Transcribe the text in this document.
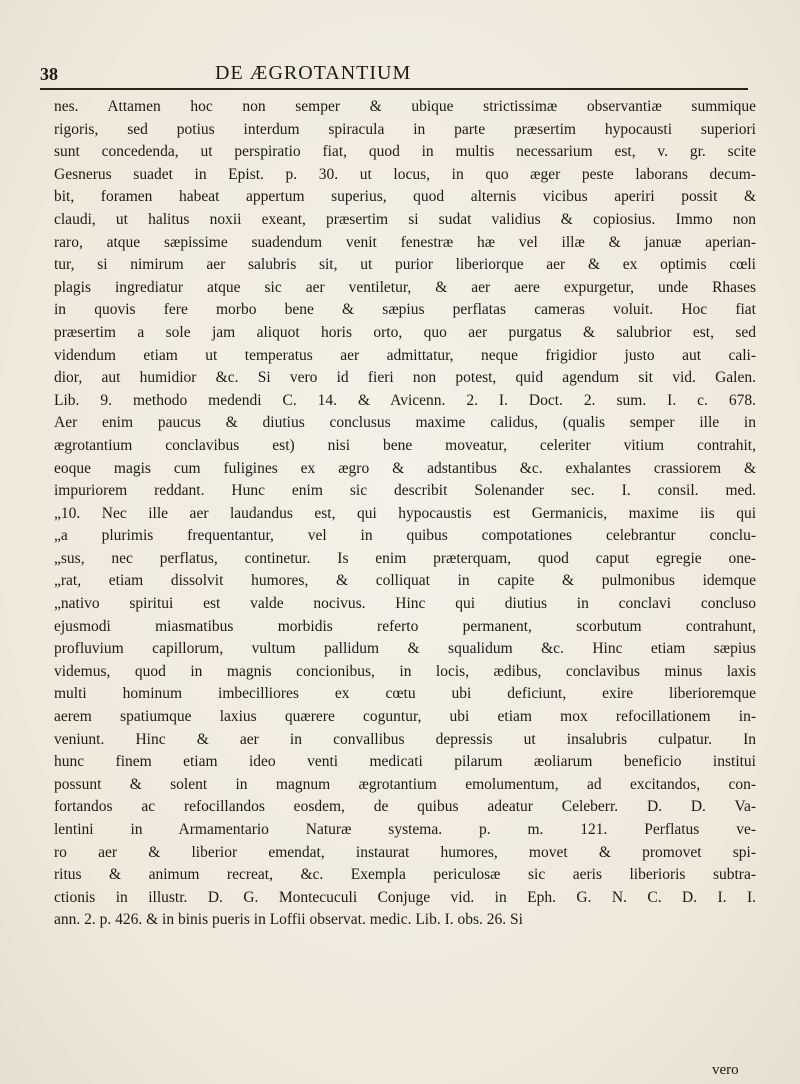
38	DE ÆGROTANTIUM
nes. Attamen hoc non semper & ubique strictissimæ observantiæ summique
rigoris, sed potius interdum spiracula in parte præsertim hypocausti superiori
sunt concedenda, ut perspiratio fiat, quod in multis necessarium est, v. gr. scite
Gesnerus suadet in Epist. p. 30. ut locus, in quo æger peste laborans decum-
bit, foramen habeat appertum superius, quod alternis vicibus aperiri possit &
claudi, ut halitus noxii exeant, præsertim si sudat validius & copiosius. Immo non
raro, atque sæpissime suadendum venit fenestræ hæ vel illæ & januæ aperian-
tur, si nimirum aer salubris sit, ut purior liberiorque aer & ex optimis cœli
plagis ingrediatur atque sic aer ventiletur, & aer aere expurgetur, unde Rhases
in quovis fere morbo bene & sæpius perflatas cameras voluit. Hoc fiat
præsertim a sole jam aliquot horis orto, quo aer purgatus & salubrior est, sed
videndum etiam ut temperatus aer admittatur, neque frigidior justo aut cali-
dior, aut humidior &c. Si vero id fieri non potest, quid agendum sit vid. Galen.
Lib. 9. methodo medendi C. 14. & Avicenn. 2. I. Doct. 2. sum. I. c. 678.
Aer enim paucus & diutius conclusus maxime calidus, (qualis semper ille in
ægrotantium conclavibus est) nisi bene moveatur, celeriter vitium contrahit,
eoque magis cum fuligines ex ægro & adstantibus &c. exhalantes crassiorem &
impuriorem reddant. Hunc enim sic describit Solenander sec. I. consil. med.
„10. Nec ille aer laudandus est, qui hypocaustis est Germanicis, maxime iis qui
„a plurimis frequentantur, vel in quibus compotationes celebrantur conclu-
„sus, nec perflatus, continetur. Is enim præterquam, quod caput egregie one-
„rat, etiam dissolvit humores, & colliquat in capite & pulmonibus idemque
„nativo spiritui est valde nocivus. Hinc qui diutius in conclavi concluso
ejusmodi miasmatibus morbidis referto permanent, scorbutum contrahunt,
profluvium capillorum, vultum pallidum & squalidum &c. Hinc etiam sæpius
videmus, quod in magnis concionibus, in locis, ædibus, conclavibus minus laxis
multi hominum imbecilliores ex cœtu ubi deficiunt, exire liberioremque
aerem spatiumque laxius quærere coguntur, ubi etiam mox refocillationem in-
veniunt. Hinc & aer in convallibus depressis ut insalubris culpatur. In
hunc finem etiam ideo venti medicati pilarum æoliarum beneficio institui
possunt & solent in magnum ægrotantium emolumentum, ad excitandos, con-
fortandos ac refocillandos eosdem, de quibus adeatur Celeberr. D. D. Va-
lentini in Armamentario Naturæ systema. p. m. 121. Perflatus ve-
ro aer & liberior emendat, instaurat humores, movet & promovet spi-
ritus & animum recreat, &c. Exempla periculosæ sic aeris liberioris subtra-
ctionis in illustr. D. G. Montecuculi Conjuge vid. in Eph. G. N. C. D. I. I.
ann. 2. p. 426. & in binis pueris in Loffii observat. medic. Lib. I. obs. 26. Si
vero
